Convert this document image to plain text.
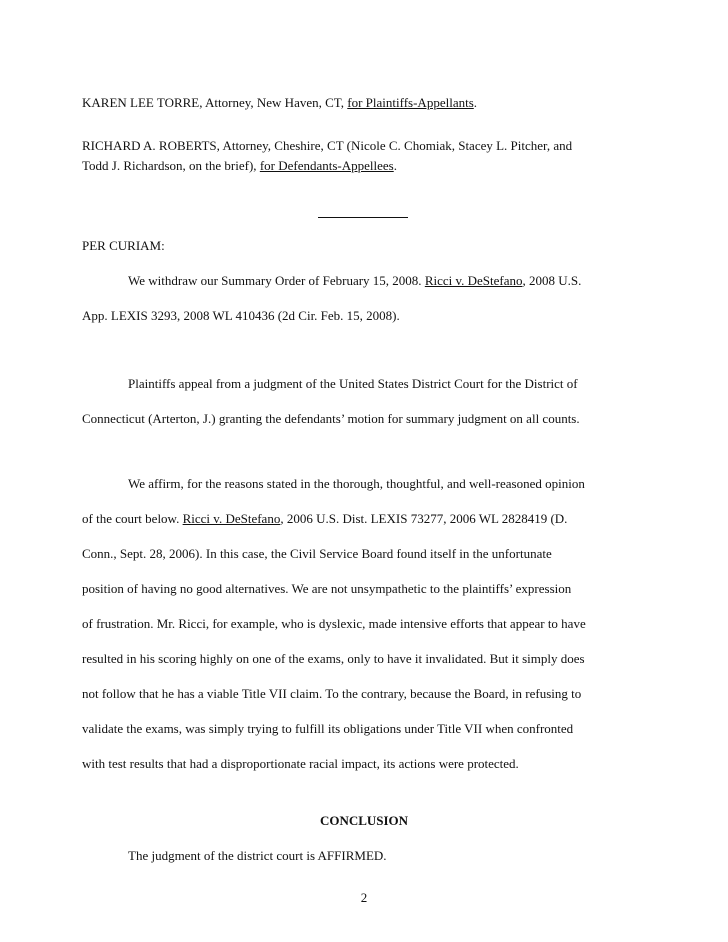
KAREN LEE TORRE, Attorney, New Haven, CT, for Plaintiffs-Appellants.
RICHARD A. ROBERTS, Attorney, Cheshire, CT (Nicole C. Chomiak, Stacey L. Pitcher, and
Todd J. Richardson, on the brief), for Defendants-Appellees.
PER CURIAM:
We withdraw our Summary Order of February 15, 2008. Ricci v. DeStefano, 2008 U.S.
App. LEXIS 3293, 2008 WL 410436 (2d Cir. Feb. 15, 2008).
Plaintiffs appeal from a judgment of the United States District Court for the District of
Connecticut (Arterton, J.) granting the defendants’ motion for summary judgment on all counts.
We affirm, for the reasons stated in the thorough, thoughtful, and well-reasoned opinion
of the court below. Ricci v. DeStefano, 2006 U.S. Dist. LEXIS 73277, 2006 WL 2828419 (D.
Conn., Sept. 28, 2006). In this case, the Civil Service Board found itself in the unfortunate
position of having no good alternatives. We are not unsympathetic to the plaintiffs’ expression
of frustration. Mr. Ricci, for example, who is dyslexic, made intensive efforts that appear to have
resulted in his scoring highly on one of the exams, only to have it invalidated. But it simply does
not follow that he has a viable Title VII claim. To the contrary, because the Board, in refusing to
validate the exams, was simply trying to fulfill its obligations under Title VII when confronted
with test results that had a disproportionate racial impact, its actions were protected.
CONCLUSION
The judgment of the district court is AFFIRMED.
2
